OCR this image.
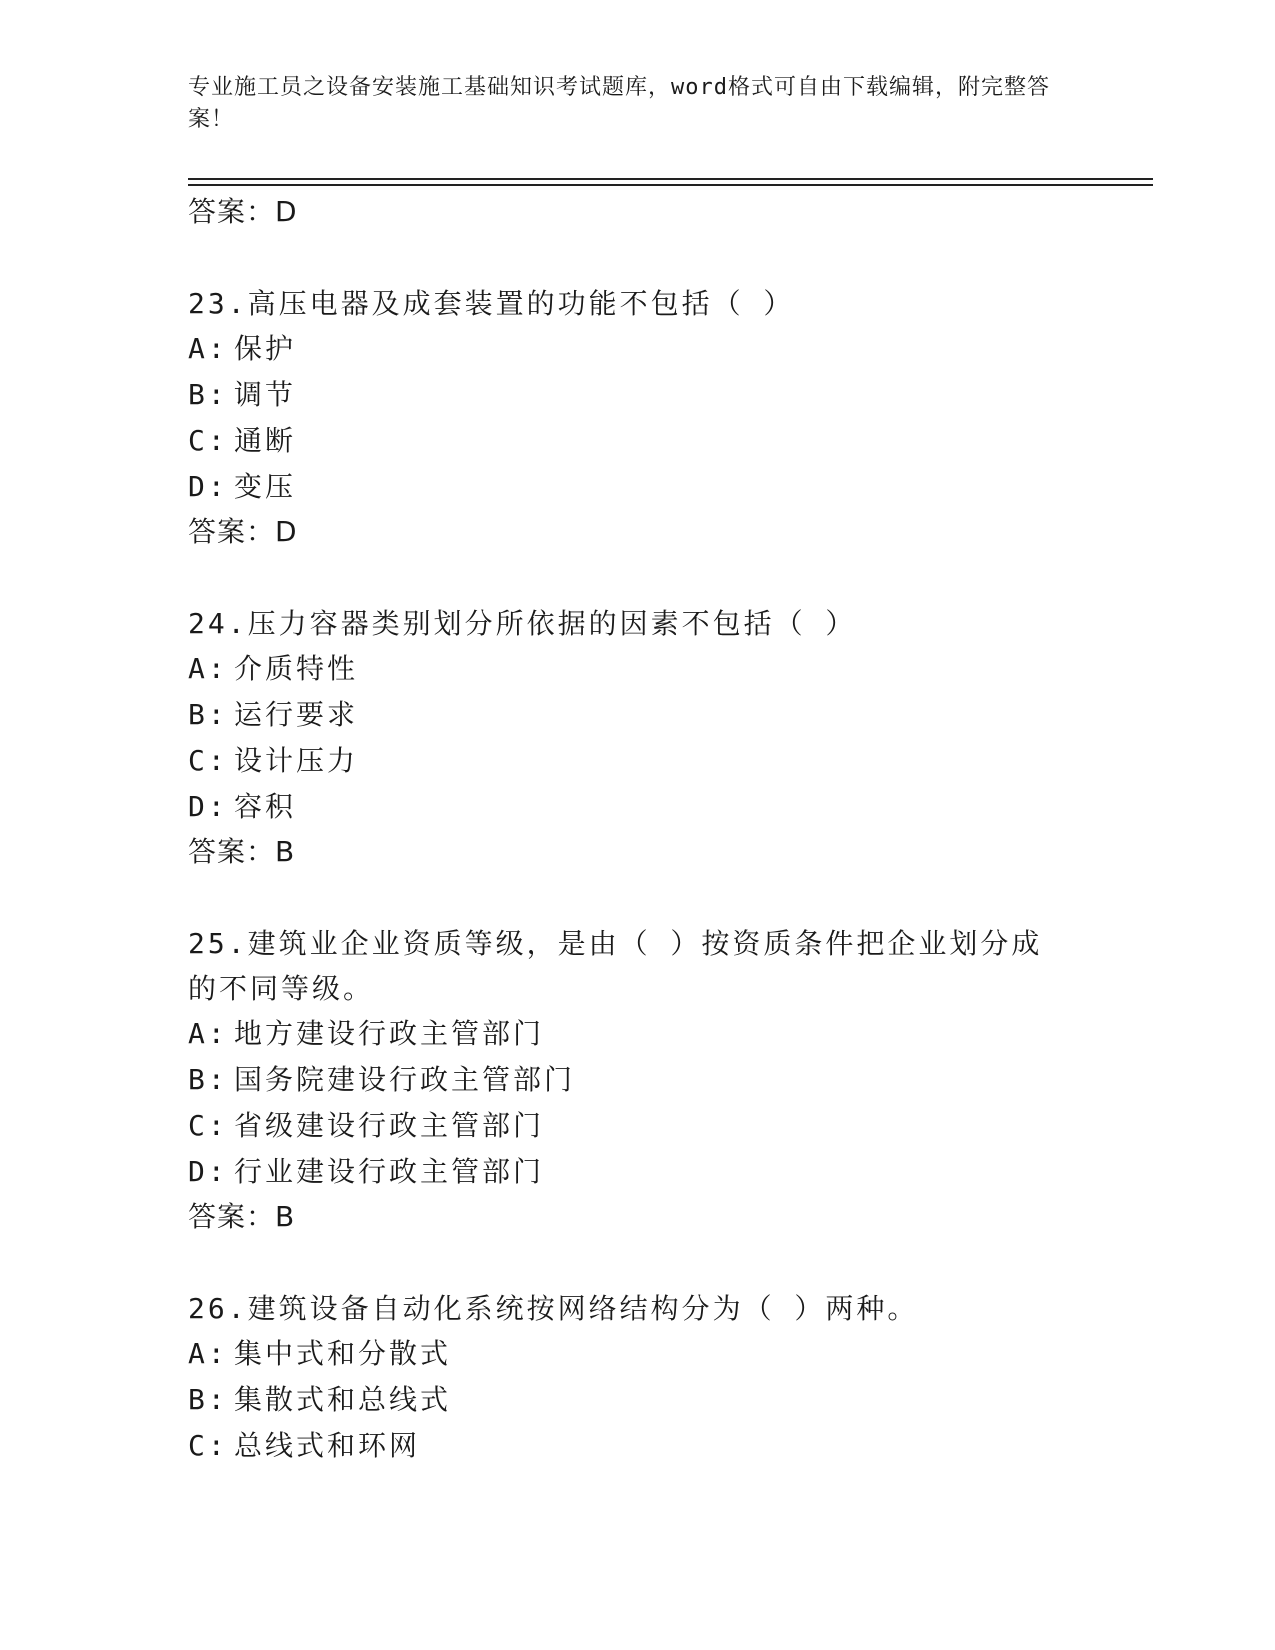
专业施工员之设备安装施工基础知识考试题库，word格式可自由下载编辑，附完整答案！
答案：D
23.高压电器及成套装置的功能不包括（ ）
A: 保护
B: 调节
C: 通断
D: 变压
答案：D
24.压力容器类别划分所依据的因素不包括（ ）
A: 介质特性
B: 运行要求
C: 设计压力
D: 容积
答案：B
25.建筑业企业资质等级，是由（ ）按资质条件把企业划分成的不同等级。
A: 地方建设行政主管部门
B: 国务院建设行政主管部门
C: 省级建设行政主管部门
D: 行业建设行政主管部门
答案：B
26.建筑设备自动化系统按网络结构分为（ ）两种。
A: 集中式和分散式
B: 集散式和总线式
C: 总线式和环网
